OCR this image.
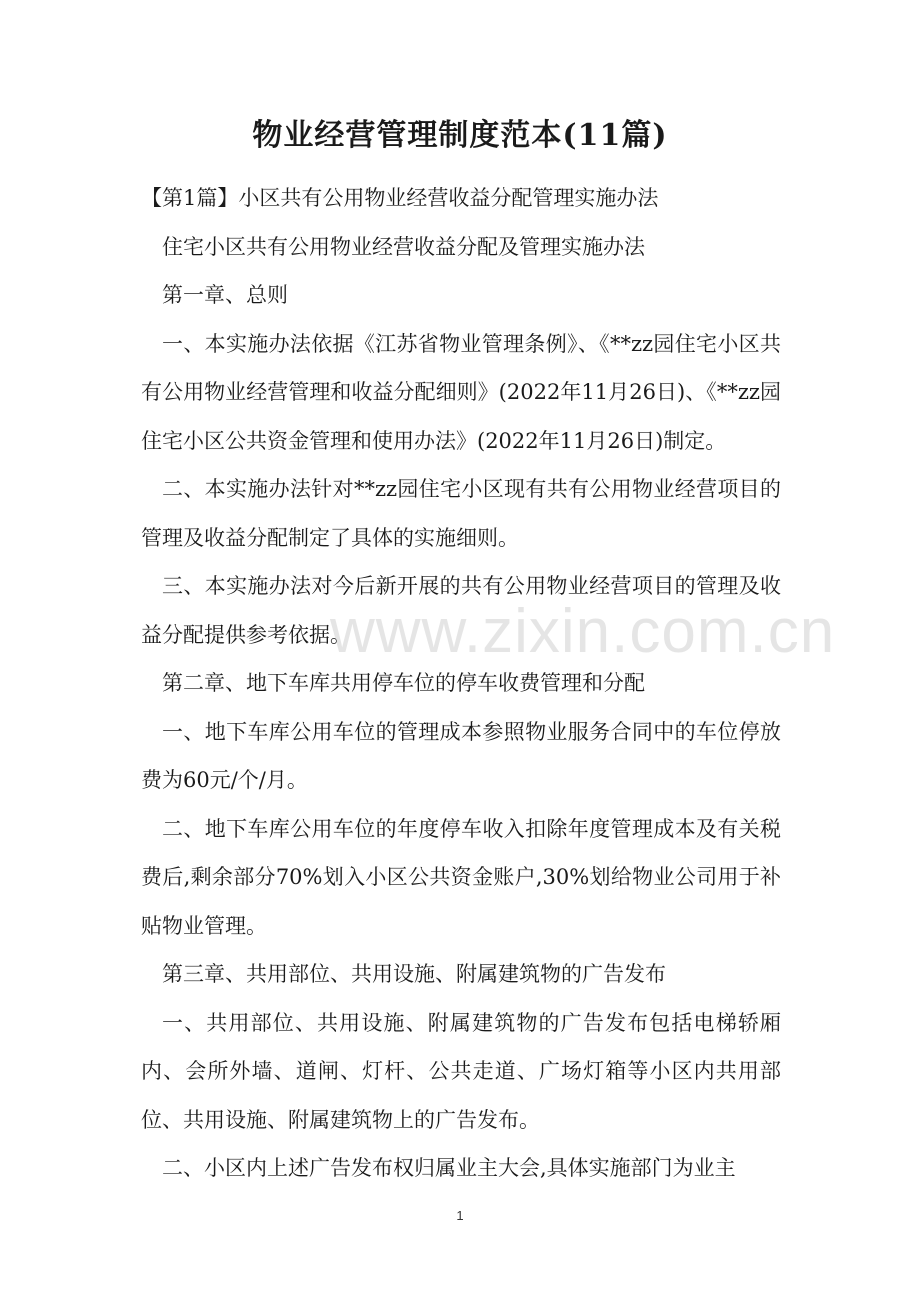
物业经营管理制度范本(11篇)

【第1篇】小区共有公用物业经营收益分配管理实施办法

住宅小区共有公用物业经营收益分配及管理实施办法

第一章、总则

一、本实施办法依据《江苏省物业管理条例》、《**zz园住宅小区共有公用物业经营管理和收益分配细则》(2022年11月26日)、《**zz园住宅小区公共资金管理和使用办法》(2022年11月26日)制定。

二、本实施办法针对**zz园住宅小区现有共有公用物业经营项目的管理及收益分配制定了具体的实施细则。

三、本实施办法对今后新开展的共有公用物业经营项目的管理及收益分配提供参考依据。

第二章、地下车库共用停车位的停车收费管理和分配

一、地下车库公用车位的管理成本参照物业服务合同中的车位停放费为60元/个/月。

二、地下车库公用车位的年度停车收入扣除年度管理成本及有关税费后,剩余部分70%划入小区公共资金账户,30%划给物业公司用于补贴物业管理。

第三章、共用部位、共用设施、附属建筑物的广告发布

一、共用部位、共用设施、附属建筑物的广告发布包括电梯轿厢内、会所外墙、道闸、灯杆、公共走道、广场灯箱等小区内共用部位、共用设施、附属建筑物上的广告发布。

二、小区内上述广告发布权归属业主大会,具体实施部门为业主

www.zixin.com.cn
1
